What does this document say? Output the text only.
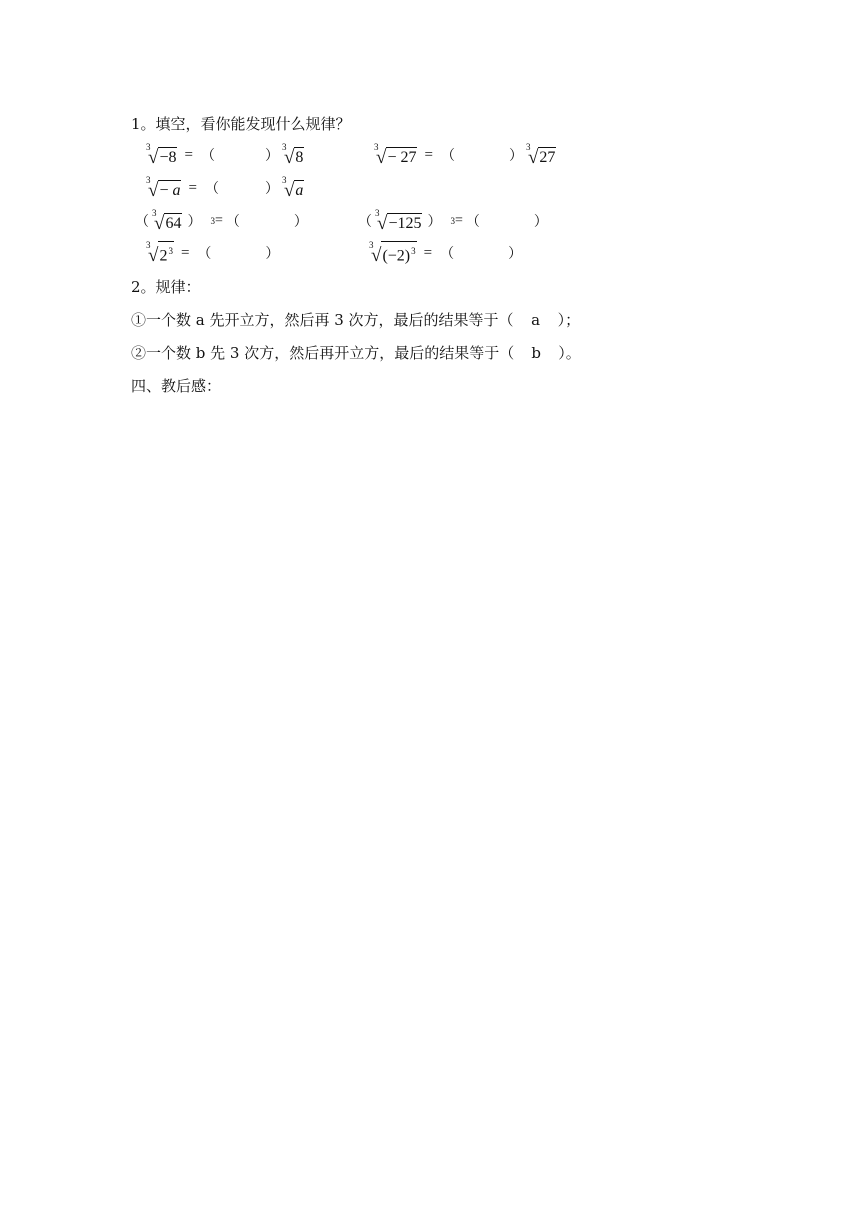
1。填空，看你能发现什么规律？
3
√ −8 = （	）
3
√ 8
3
√ − 27 = （	）
3
√ 27
3
√ − a = （	）
3
√ a
（
3
√ 64 ） 3 = （	）	（
3
√ −125 ） 3 = （	）
3
√ $2^3$ = （	）
3
√ $(-2)^3$ = （	）
2。规律：
①一个数 a 先开立方，然后再 3 次方，最后的结果等于（ a ）；
②一个数 b 先 3 次方，然后再开立方，最后的结果等于（ b ）。
四、教后感：
